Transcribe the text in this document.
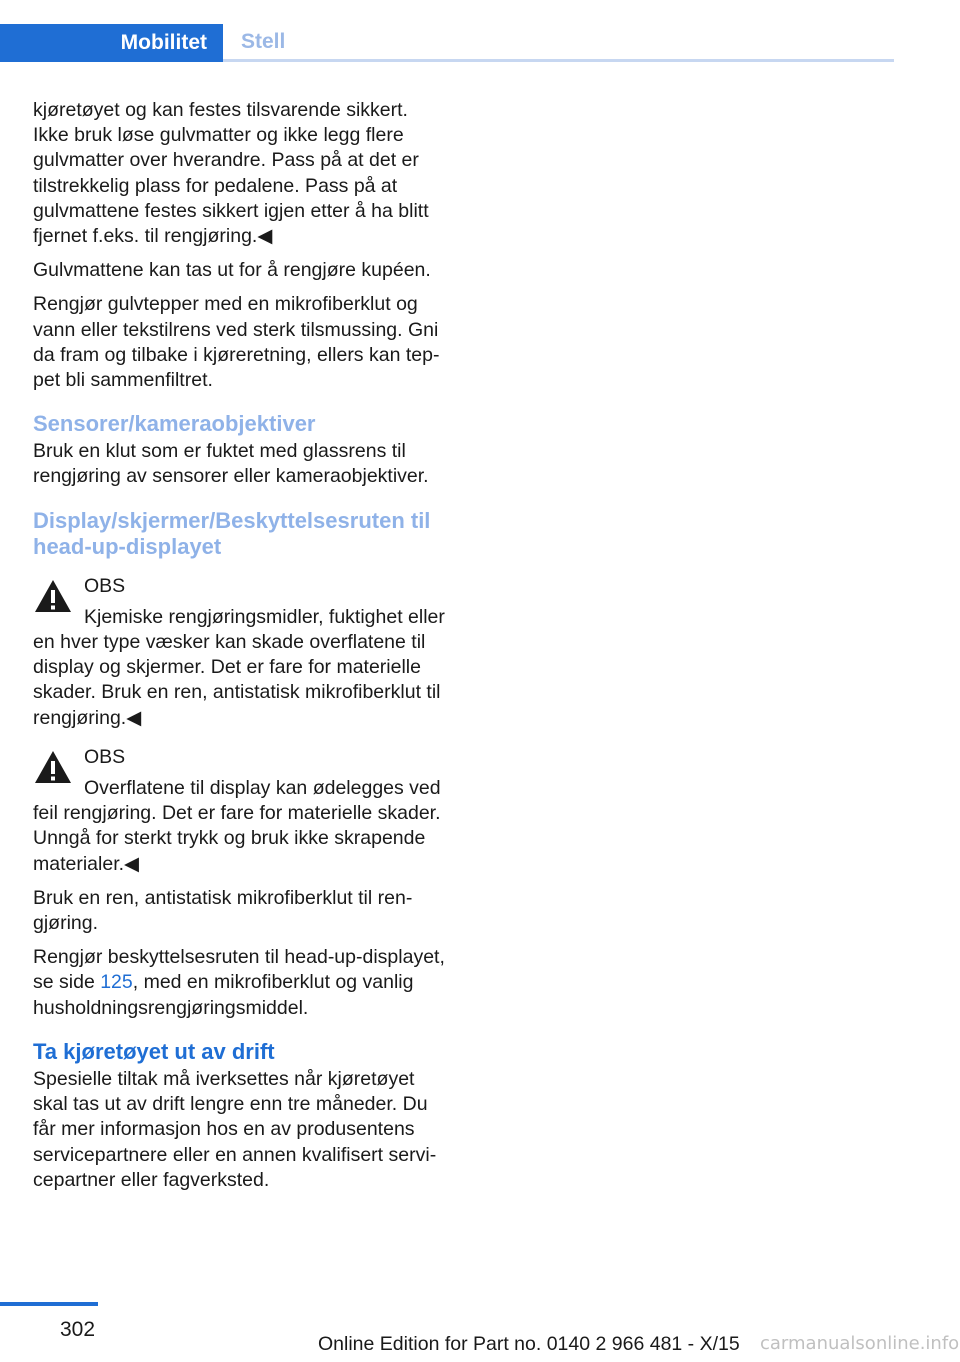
Mobilitet	Stell

kjøretøyet og kan festes tilsvarende sikkert. Ikke bruk løse gulvmatter og ikke legg flere gulvmatter over hverandre. Pass på at det er tilstrekkelig plass for pedalene. Pass på at gulvmattene festes sikkert igjen etter å ha blitt fjernet f.eks. til rengjøring.◀

Gulvmattene kan tas ut for å rengjøre kupéen.

Rengjør gulvtepper med en mikrofiberklut og vann eller tekstilrens ved sterk tilsmussing. Gni da fram og tilbake i kjøreretning, ellers kan teppet bli sammenfiltret.

Sensorer/kameraobjektiver

Bruk en klut som er fuktet med glassrens til rengjøring av sensorer eller kameraobjektiver.

Display/skjermer/Beskyttelsesruten til head-up-displayet
OBS

Kjemiske rengjøringsmidler, fuktighet eller en hver type væsker kan skade overflatene til display og skjermer. Det er fare for materielle skader. Bruk en ren, antistatisk mikrofiberklut til rengjøring.◀

OBS

Overflatene til display kan ødelegges ved feil rengjøring. Det er fare for materielle skader. Unngå for sterkt trykk og bruk ikke skrapende materialer.◀

Bruk en ren, antistatisk mikrofiberklut til rengjøring.

Rengjør beskyttelsesruten til head-up-displayet, se side 125, med en mikrofiberklut og vanlig husholdningsrengjøringsmiddel.

Ta kjøretøyet ut av drift

Spesielle tiltak må iverksettes når kjøretøyet skal tas ut av drift lengre enn tre måneder. Du får mer informasjon hos en av produsentens servicepartnere eller en annen kvalifisert servicepartner eller fagverksted.

302
Online Edition for Part no. 0140 2 966 481 - X/15 carmanualsonline.info
